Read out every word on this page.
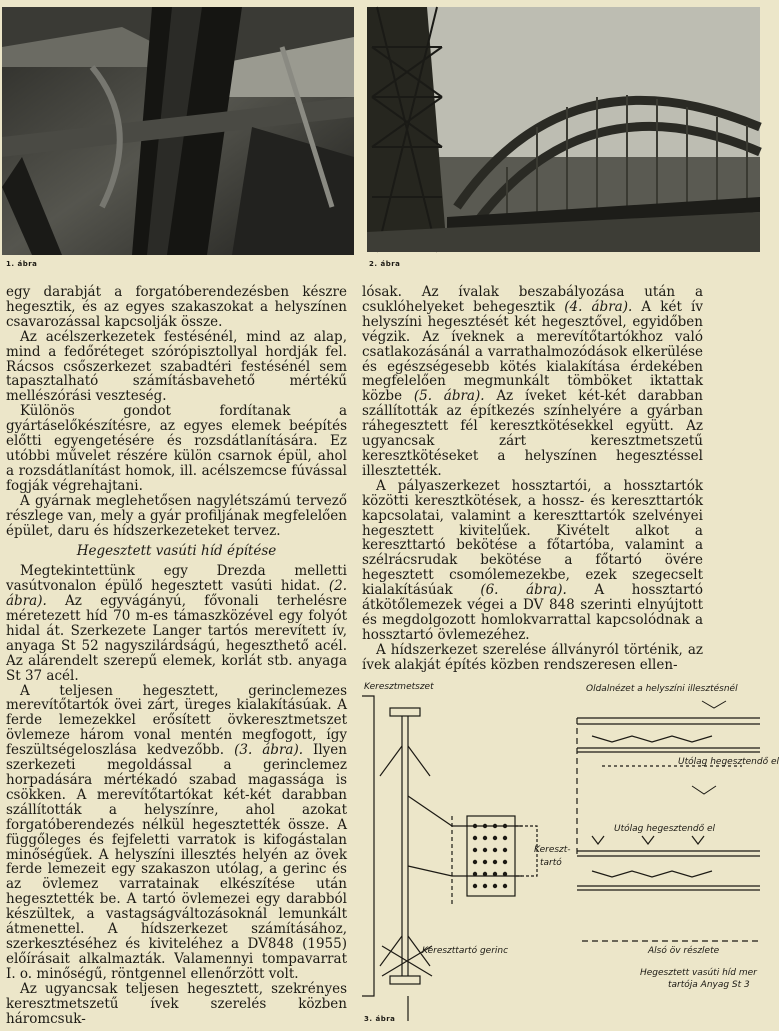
1. ábra	2. ábra

egy darabját a forgatóberendezésben készre hegesztik, és az egyes szakaszokat a helyszínen csavarozással kapcsolják össze.

Az acélszerkezetek festésénél, mind az alap, mind a fedőréteget szórópisztollyal hordják fel. Rácsos csőszerkezet szabadtéri festésénél sem tapasztalható számításbavehető mértékű mellészórási veszteség.

Különös gondot fordítanak a gyártáselőkészítésre, az egyes elemek beépítés előtti egyengetésére és rozsdátlanítására. Ez utóbbi művelet részére külön csarnok épül, ahol a rozsdátlanítást homok, ill. acélszemcse fúvással fogják végrehajtani.

A gyárnak meglehetősen nagylétszámú tervező részlege van, mely a gyár profiljának megfelelően épület, daru és hídszerkezeteket tervez.

Hegesztett vasúti híd építése

Megtekintettünk egy Drezda melletti vasútvonalon épülő hegesztett vasúti hidat. (2. ábra). Az egyvágányú, fővonali terhelésre méretezett híd 70 m-es támaszközével egy folyót hidal át. Szerkezete Langer tartós merevített ív, anyaga St 52 nagyszilárdságú, hegeszthető acél. Az alárendelt szerepű elemek, korlát stb. anyaga St 37 acél.

A teljesen hegesztett, gerinclemezes merevítőtartók övei zárt, üreges kialakításúak. A ferde lemezekkel erősített övkeresztmetszet övlemeze három vonal mentén megfogott, így feszültségeloszlása kedvezőbb. (3. ábra). Ilyen szerkezeti megoldással a gerinclemez horpadására mértékadó szabad magassága is csökken. A merevítőtartókat két-két darabban szállították a helyszínre, ahol azokat forgatóberendezés nélkül hegesztették össze. A függőleges és fejfeletti varratok is kifogástalan minőségűek. A helyszíni illesztés helyén az övek ferde lemezeit egy szakaszon utólag, a gerinc és az övlemez varratainak elkészítése után hegesztették be. A tartó övlemezei egy darabból készültek, a vastagságváltozásoknál lemunkált átmenettel. A hídszerkezet számításához, szerkesztéséhez és kiviteléhez a DV848 (1955) előírásait alkalmazták. Valamennyi tompavarrat I. o. minőségű, röntgennel ellenőrzött volt.

Az ugyancsak teljesen hegesztett, szekrényes keresztmetszetű ívek szerelés közben háromcsuk-

lósak. Az ívalak beszabályozása után a csuklóhelyeket behegesztik (4. ábra). A két ív helyszíni hegesztését két hegesztővel, egyidőben végzik. Az íveknek a merevítőtartókhoz való csatlakozásánál a varrathalmozódások elkerülése és egészségesebb kötés kialakítása érdekében megfelelően megmunkált tömböket iktattak közbe (5. ábra). Az íveket két-két darabban szállították az építkezés színhelyére a gyárban ráhegesztett fél keresztkötésekkel együtt. Az ugyancsak zárt keresztmetszetű keresztkötéseket a helyszínen hegesztéssel illesztették.

A pályaszerkezet hossztartói, a hossztartók közötti keresztkötések, a hossz- és kereszttartók kapcsolatai, valamint a kereszttartók szelvényei hegesztett kivitelűek. Kivételt alkot a kereszttartó bekötése a főtartóba, valamint a szélrácsrudak bekötése a főtartó övére hegesztett csomólemezekbe, ezek szegecselt kialakításúak (6. ábra). A hossztartó átkötőlemezek végei a DV 848 szerinti elnyújtott és megdolgozott homlokvarrattal kapcsolódnak a hossztartó övlemezéhez.

A hídszerkezet szerelése állványról történik, az ívek alakját építés közben rendszeresen ellen-

Keresztmetszet	Oldalnézet a helyszíni illesztésnél
Utólag hegesztendő el
Utólag hegesztendő el
Kereszt-
tartó
Kereszttartó gerinc	Alsó öv részlete
Hegesztett vasúti híd mer
tartója Anyag St 3
3. ábra
